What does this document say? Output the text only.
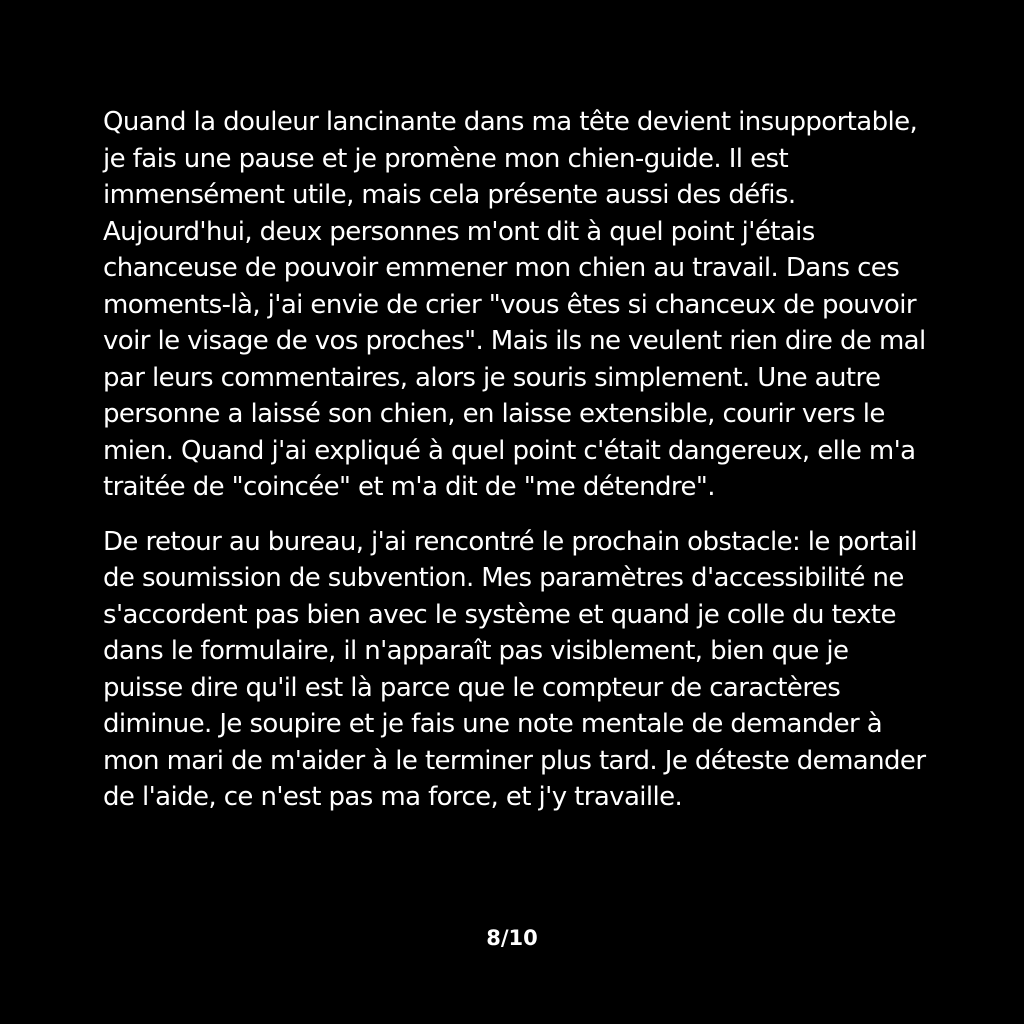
Quand la douleur lancinante dans ma tête devient insupportable, je fais une pause et je promène mon chien-guide. Il est immensément utile, mais cela présente aussi des défis. Aujourd'hui, deux personnes m'ont dit à quel point j'étais chanceuse de pouvoir emmener mon chien au travail. Dans ces moments-là, j'ai envie de crier "vous êtes si chanceux de pouvoir voir le visage de vos proches". Mais ils ne veulent rien dire de mal par leurs commentaires, alors je souris simplement. Une autre personne a laissé son chien, en laisse extensible, courir vers le mien. Quand j'ai expliqué à quel point c'était dangereux, elle m'a traitée de "coincée" et m'a dit de "me détendre".

De retour au bureau, j'ai rencontré le prochain obstacle: le portail de soumission de subvention. Mes paramètres d'accessibilité ne s'accordent pas bien avec le système et quand je colle du texte dans le formulaire, il n'apparaît pas visiblement, bien que je puisse dire qu'il est là parce que le compteur de caractères diminue. Je soupire et je fais une note mentale de demander à mon mari de m'aider à le terminer plus tard. Je déteste demander de l'aide, ce n'est pas ma force, et j'y travaille.

8/10
